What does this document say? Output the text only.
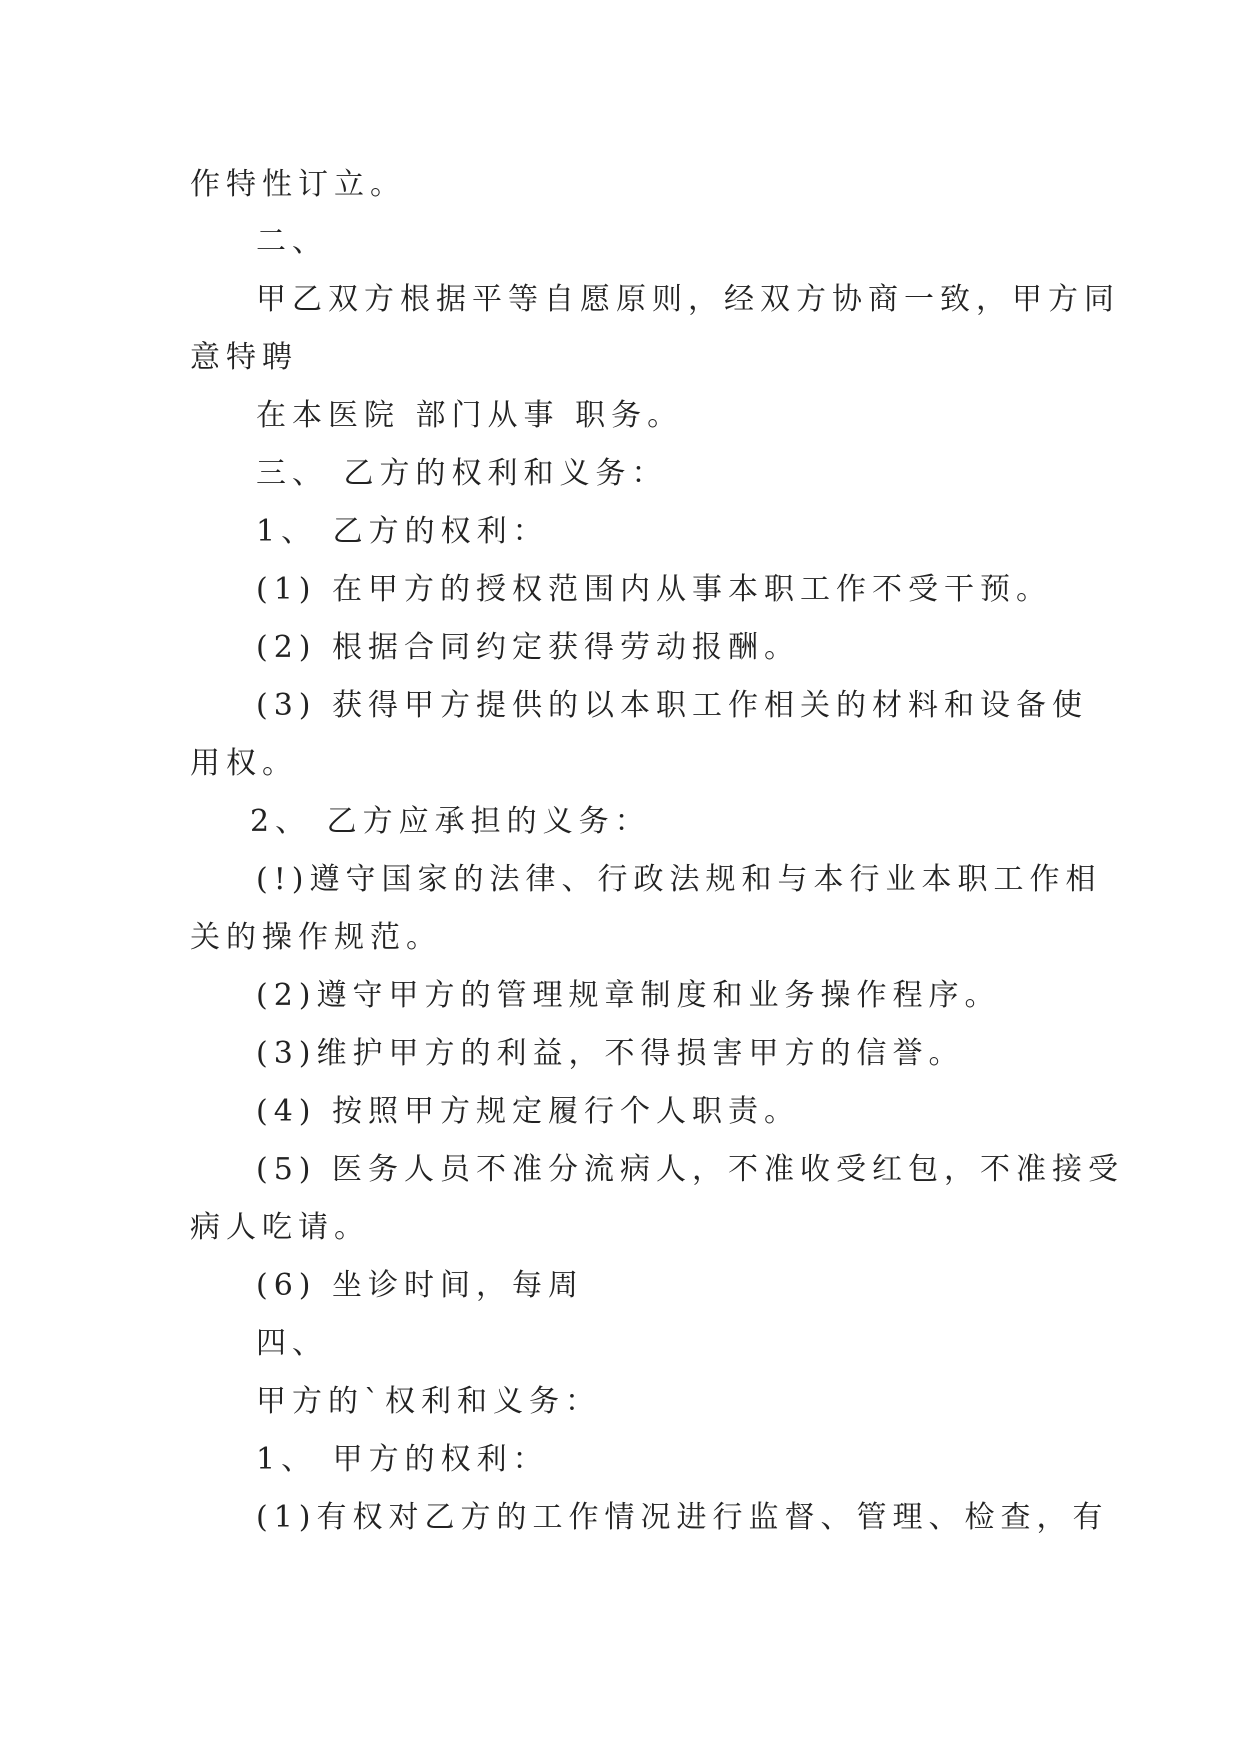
作特性订立。
二、
甲乙双方根据平等自愿原则，经双方协商一致，甲方同
意特聘
在本医院 部门从事 职务。
三、 乙方的权利和义务：
1、 乙方的权利：
(1) 在甲方的授权范围内从事本职工作不受干预。
(2) 根据合同约定获得劳动报酬。
(3) 获得甲方提供的以本职工作相关的材料和设备使
用权。
2、 乙方应承担的义务：
(!)遵守国家的法律、行政法规和与本行业本职工作相
关的操作规范。
(2)遵守甲方的管理规章制度和业务操作程序。
(3)维护甲方的利益，不得损害甲方的信誉。
(4) 按照甲方规定履行个人职责。
(5) 医务人员不准分流病人，不准收受红包，不准接受
病人吃请。
(6) 坐诊时间，每周
四、
甲方的`权利和义务：
1、 甲方的权利：
(1)有权对乙方的工作情况进行监督、管理、检查，有
